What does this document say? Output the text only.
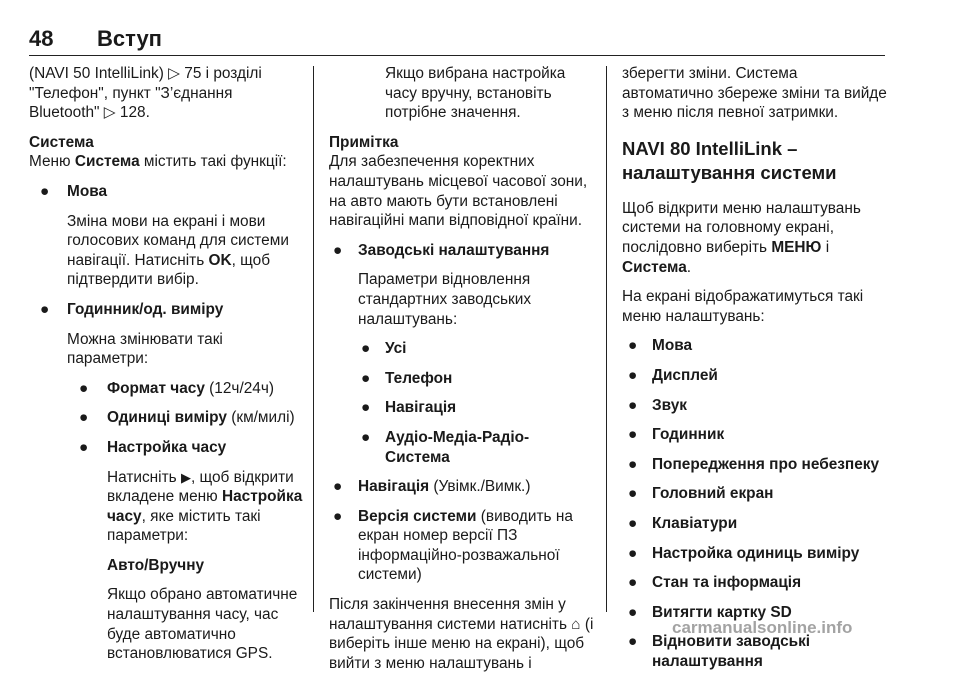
48 Вступ

(NAVI 50 IntelliLink) ▷ 75 і розділі "Телефон", пункт "З’єднання Bluetooth" ▷ 128.

Система

Меню Система містить такі функції:

● Мова

Зміна мови на екрані і мови голосових команд для системи навігації. Натисніть OK, щоб підтвердити вибір.

● Годинник/од. виміру

Можна змінювати такі параметри:

● Формат часу (12ч/24ч)
● Одиниці виміру (км/милі)
● Настройка часу

Натисніть ▶, щоб відкрити вкладене меню Настройка часу, яке містить такі параметри:

Авто/Вручну

Якщо обрано автоматичне налаштування часу, час буде автоматично встановлюватися GPS.

Якщо вибрана настройка часу вручну, встановіть потрібне значення.

Примітка

Для забезпечення коректних налаштувань місцевої часової зони, на авто мають бути встановлені навігаційні мапи відповідної країни.

● Заводські налаштування

Параметри відновлення стандартних заводських налаштувань:

● Усі
● Телефон
● Навігація
● Аудіо-Медіа-Радіо-Система
● Навігація (Увімк./Вимк.)
● Версія системи (виводить на екран номер версії ПЗ інформаційно-розважальної системи)

Після закінчення внесення змін у налаштування системи натисніть ⌂ (і виберіть інше меню на екрані), щоб вийти з меню налаштувань і

зберегти зміни. Система автоматично збереже зміни та вийде з меню після певної затримки.

NAVI 80 IntelliLink – налаштування системи

Щоб відкрити меню налаштувань системи на головному екрані, послідовно виберіть МЕНЮ і Система.

На екрані відображатимуться такі меню налаштувань:

● Мова
● Дисплей
● Звук
● Годинник
● Попередження про небезпеку
● Головний екран
● Клавіатури
● Настройка одиниць виміру
● Стан та інформація
● Витягти картку SD
● Відновити заводські налаштування
carmanualsonline.info
